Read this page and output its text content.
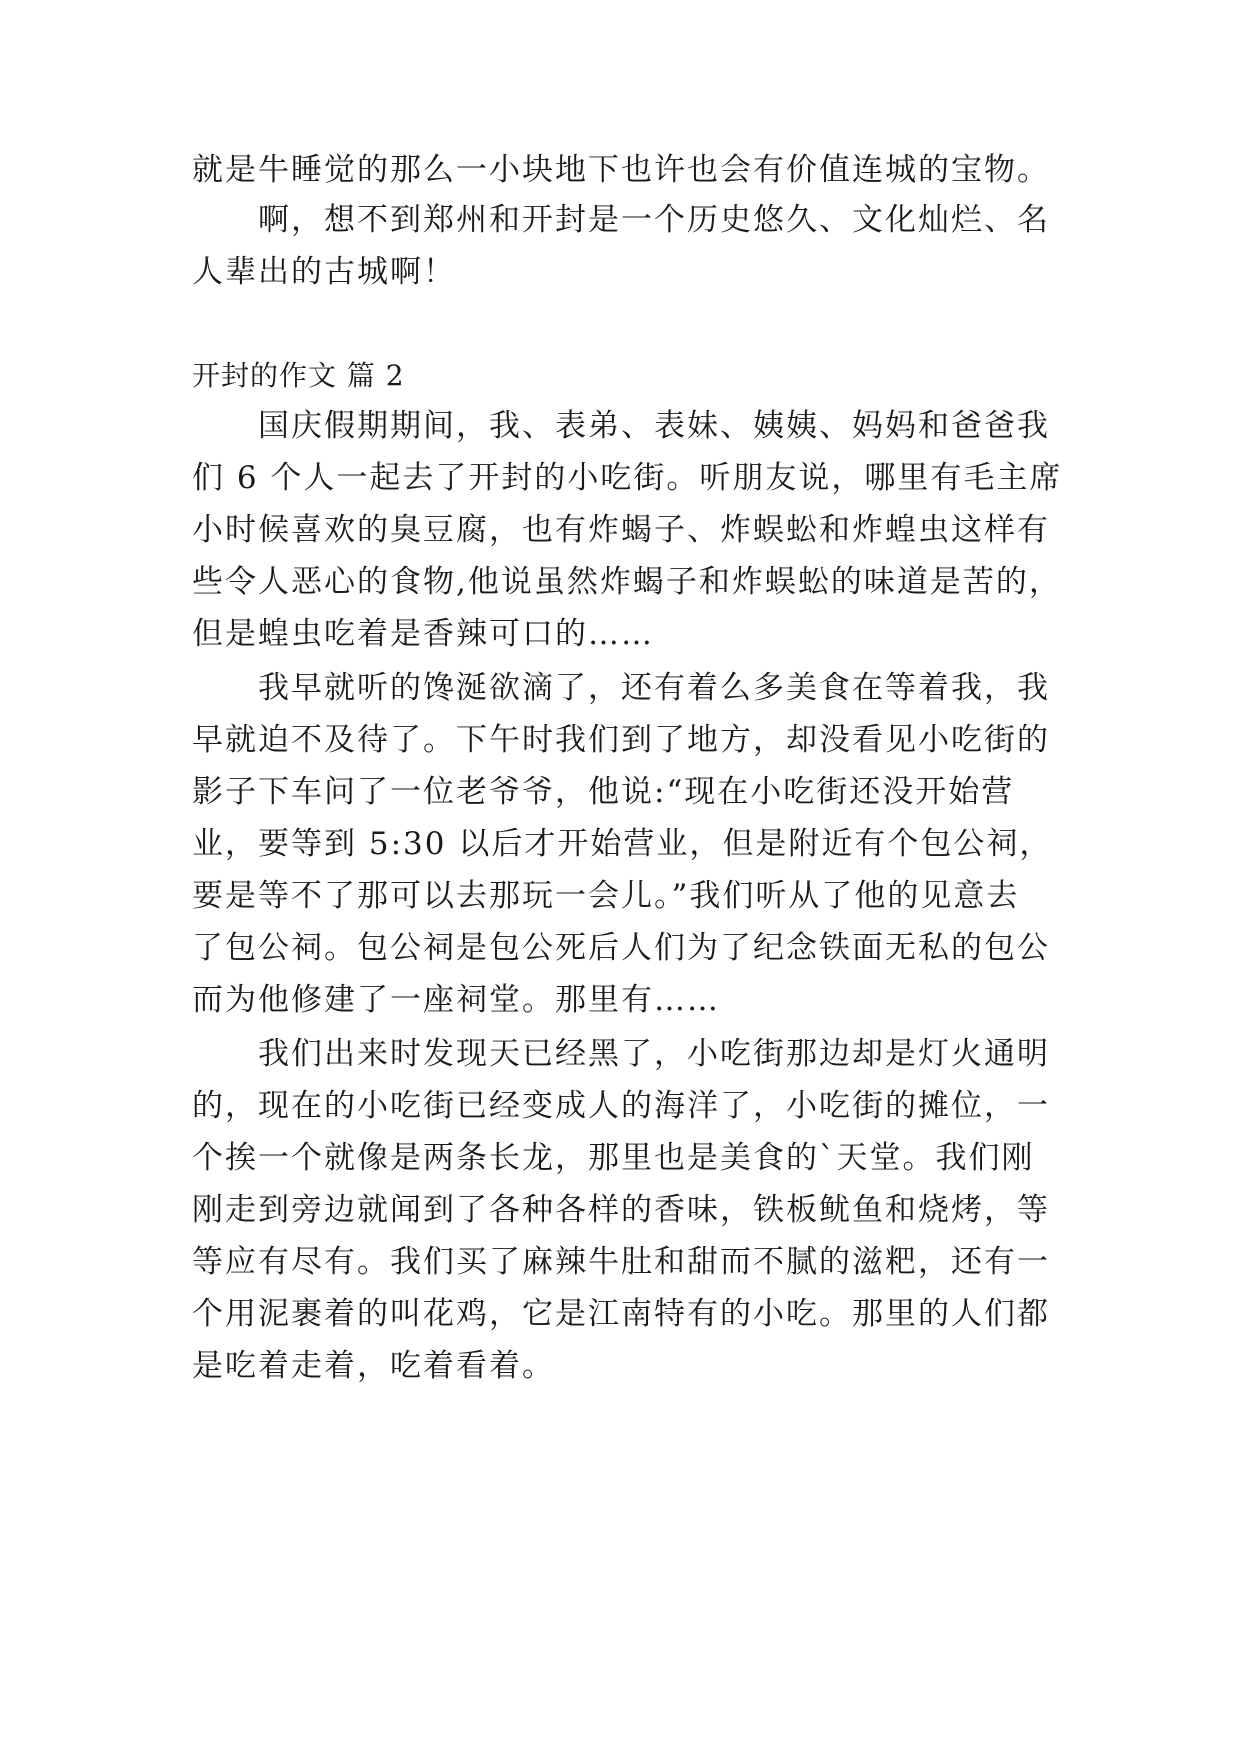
就是牛睡觉的那么一小块地下也许也会有价值连城的宝物。
啊，想不到郑州和开封是一个历史悠久、文化灿烂、名
人辈出的古城啊！
开封的作文 篇 2
国庆假期期间，我、表弟、表妹、姨姨、妈妈和爸爸我
们 6 个人一起去了开封的小吃街。听朋友说，哪里有毛主席
小时候喜欢的臭豆腐，也有炸蝎子、炸蜈蚣和炸蝗虫这样有
些令人恶心的食物,他说虽然炸蝎子和炸蜈蚣的味道是苦的，
但是蝗虫吃着是香辣可口的……
我早就听的馋涎欲滴了，还有着么多美食在等着我，我
早就迫不及待了。下午时我们到了地方，却没看见小吃街的
影子下车问了一位老爷爷，他说:“现在小吃街还没开始营
业，要等到 5:30 以后才开始营业，但是附近有个包公祠，
要是等不了那可以去那玩一会儿。”我们听从了他的见意去
了包公祠。包公祠是包公死后人们为了纪念铁面无私的包公
而为他修建了一座祠堂。那里有……
我们出来时发现天已经黑了，小吃街那边却是灯火通明
的，现在的小吃街已经变成人的海洋了，小吃街的摊位，一
个挨一个就像是两条长龙，那里也是美食的`天堂。我们刚
刚走到旁边就闻到了各种各样的香味，铁板鱿鱼和烧烤，等
等应有尽有。我们买了麻辣牛肚和甜而不腻的滋粑，还有一
个用泥裹着的叫花鸡，它是江南特有的小吃。那里的人们都
是吃着走着，吃着看着。
